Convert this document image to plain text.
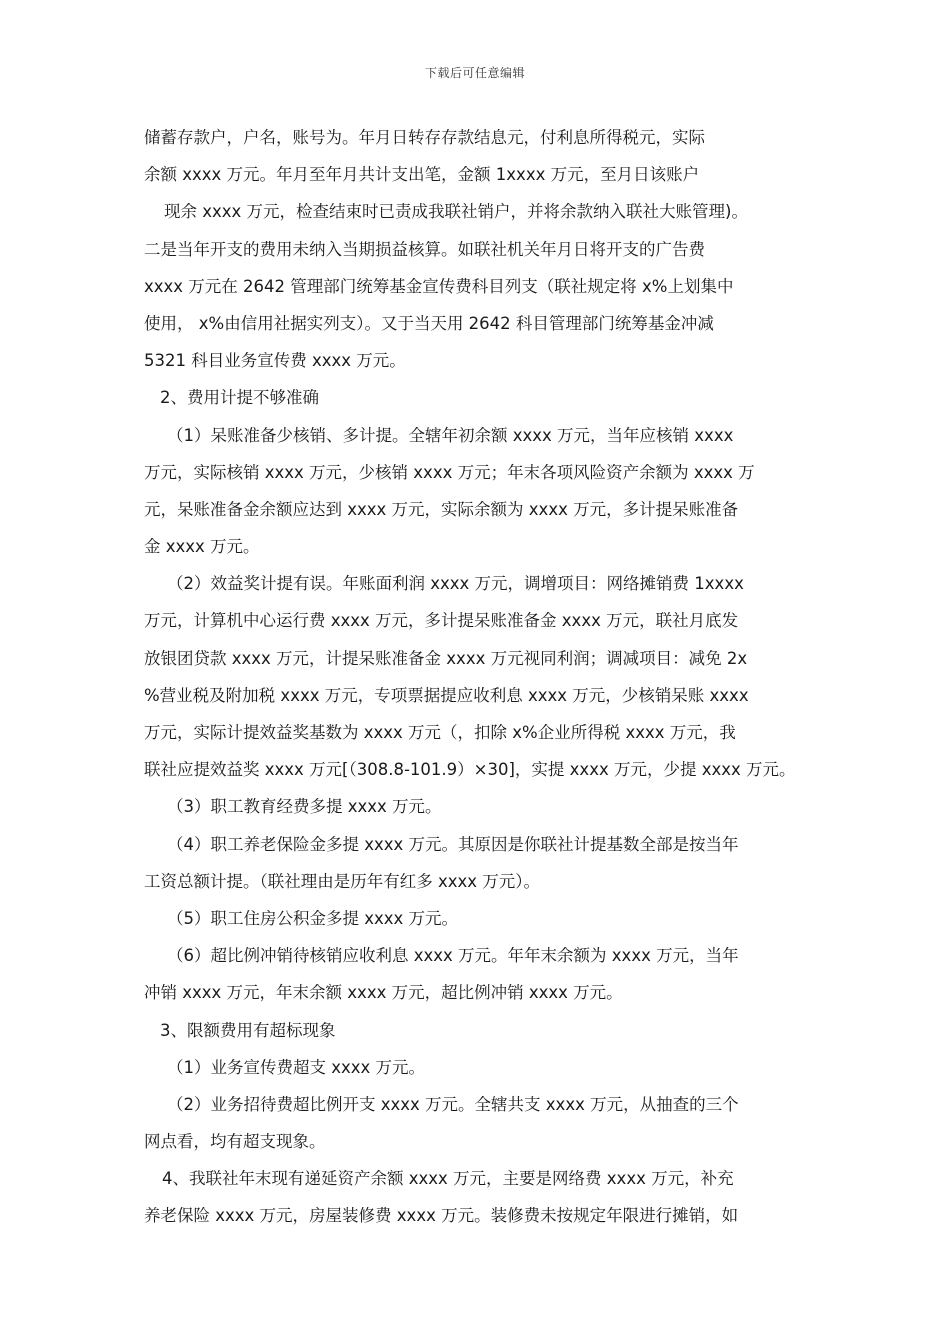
下载后可任意编辑
储蓄存款户，户名，账号为。年月日转存存款结息元，付利息所得税元，实际
余额 xxxx 万元。年月至年月共计支出笔，金额 1xxxx 万元，至月日该账户
现余 xxxx 万元，检查结束时已责成我联社销户，并将余款纳入联社大账管理)。
二是当年开支的费用未纳入当期损益核算。如联社机关年月日将开支的广告费
xxxx 万元在 2642 管理部门统筹基金宣传费科目列支（联社规定将 x%上划集中
使用， x%由信用社据实列支）。又于当天用 2642 科目管理部门统筹基金冲减
5321 科目业务宣传费 xxxx 万元。
2、费用计提不够准确
（1）呆账准备少核销、多计提。全辖年初余额 xxxx 万元，当年应核销 xxxx
万元，实际核销 xxxx 万元，少核销 xxxx 万元；年末各项风险资产余额为 xxxx 万
元，呆账准备金余额应达到 xxxx 万元，实际余额为 xxxx 万元，多计提呆账准备
金 xxxx 万元。
（2）效益奖计提有误。年账面利润 xxxx 万元，调增项目：网络摊销费 1xxxx
万元，计算机中心运行费 xxxx 万元，多计提呆账准备金 xxxx 万元，联社月底发
放银团贷款 xxxx 万元，计提呆账准备金 xxxx 万元视同利润；调减项目：减免 2x
%营业税及附加税 xxxx 万元，专项票据提应收利息 xxxx 万元，少核销呆账 xxxx
万元，实际计提效益奖基数为 xxxx 万元（，扣除 x%企业所得税 xxxx 万元，我
联社应提效益奖 xxxx 万元[（308.8-101.9）×30]，实提 xxxx 万元，少提 xxxx 万元。
（3）职工教育经费多提 xxxx 万元。
（4）职工养老保险金多提 xxxx 万元。其原因是你联社计提基数全部是按当年
工资总额计提。（联社理由是历年有红多 xxxx 万元）。
（5）职工住房公积金多提 xxxx 万元。
（6）超比例冲销待核销应收利息 xxxx 万元。年年末余额为 xxxx 万元，当年
冲销 xxxx 万元，年末余额 xxxx 万元，超比例冲销 xxxx 万元。
3、限额费用有超标现象
（1）业务宣传费超支 xxxx 万元。
（2）业务招待费超比例开支 xxxx 万元。全辖共支 xxxx 万元，从抽查的三个
网点看，均有超支现象。
4、我联社年末现有递延资产余额 xxxx 万元，主要是网络费 xxxx 万元，补充
养老保险 xxxx 万元，房屋装修费 xxxx 万元。装修费未按规定年限进行摊销，如
